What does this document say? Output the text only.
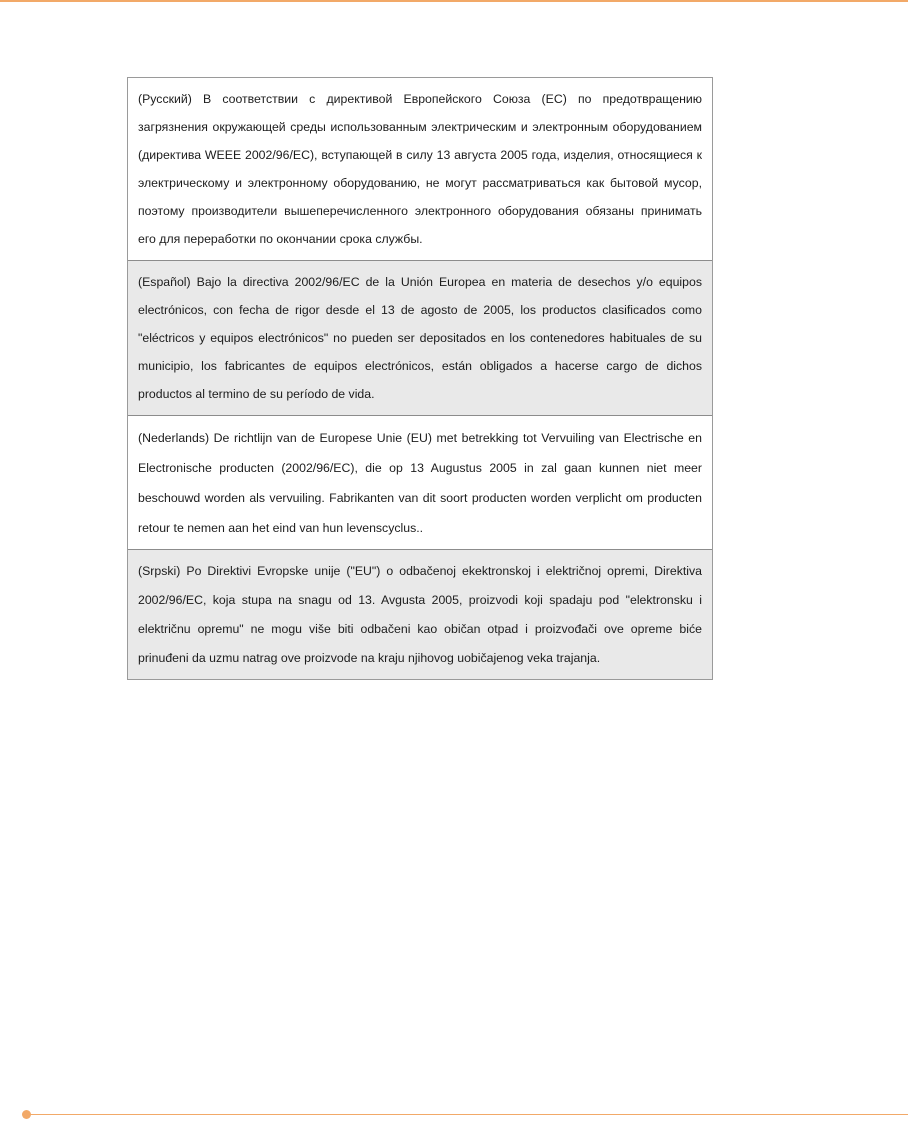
(Русский) В соответствии с директивой Европейского Союза (ЕС) по предотвращению загрязнения окружающей среды использованным электрическим и электронным оборудованием (директива WEEE 2002/96/ЕС), вступающей в силу 13 августа 2005 года, изделия, относящиеся к электрическому и электронному оборудованию, не могут рассматриваться как бытовой мусор, поэтому производители вышеперечисленного электронного оборудования обязаны принимать его для переработки по окончании срока службы.
(Español) Bajo la directiva 2002/96/EC de la Unión Europea en materia de desechos y/o equipos electrónicos, con fecha de rigor desde el 13 de agosto de 2005, los productos clasificados como "eléctricos y equipos electrónicos" no pueden ser depositados en los contenedores habituales de su municipio, los fabricantes de equipos electrónicos, están obligados a hacerse cargo de dichos productos al termino de su período de vida.
(Nederlands) De richtlijn van de Europese Unie (EU) met betrekking tot Vervuiling van Electrische en Electronische producten (2002/96/EC), die op 13 Augustus 2005 in zal gaan kunnen niet meer beschouwd worden als vervuiling. Fabrikanten van dit soort producten worden verplicht om producten retour te nemen aan het eind van hun levenscyclus..
(Srpski) Po Direktivi Evropske unije ("EU") o odbačenoj ekektronskoj i električnoj opremi, Direktiva 2002/96/EC, koja stupa na snagu od 13. Avgusta 2005, proizvodi koji spadaju pod "elektronsku i električnu opremu" ne mogu više biti odbačeni kao običan otpad i proizvođači ove opreme biće prinuđeni da uzmu natrag ove proizvode na kraju njihovog uobičajenog veka trajanja.
